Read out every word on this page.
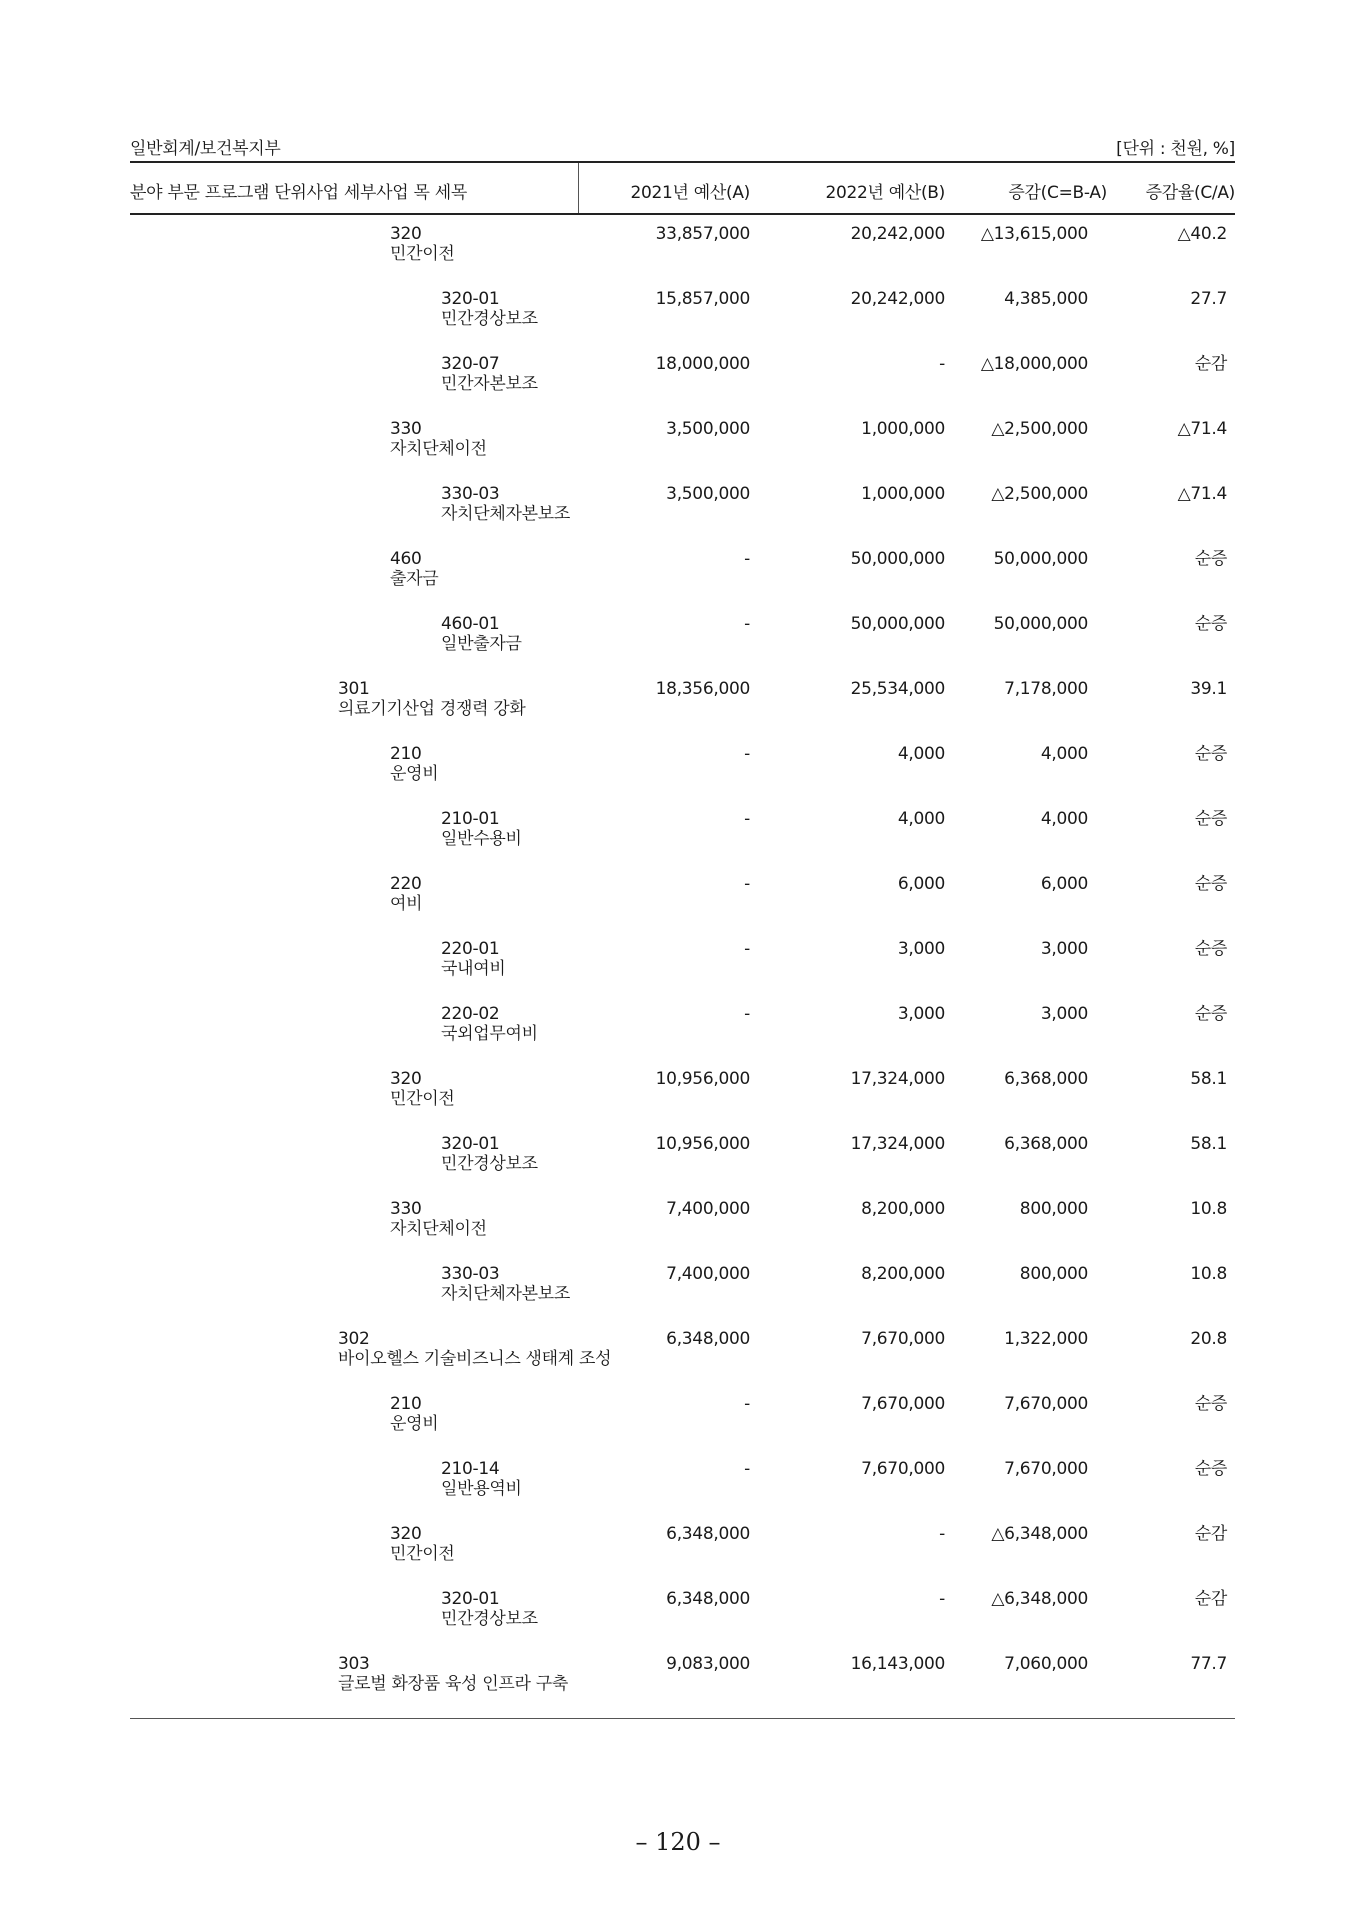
일반회계/보건복지부	[단위 : 천원, %]
분야 부문 프로그램 단위사업 세부사업 목 세목	2021년 예산(A)	2022년 예산(B)	증감(C=B-A) 증감율(C/A)
320
민간이전
33,857,000	20,242,000 △13,615,000	△40.2
320-01
민간경상보조
15,857,000	20,242,000	4,385,000	27.7
320-07
민간자본보조
18,000,000	- △18,000,000	순감
330
자치단체이전
3,500,000	1,000,000	△2,500,000	△71.4
330-03
자치단체자본보조
3,500,000	1,000,000	△2,500,000	△71.4
460
출자금
-	50,000,000	50,000,000	순증
460-01
일반출자금
-	50,000,000	50,000,000	순증
301
의료기기산업 경쟁력 강화
18,356,000	25,534,000	7,178,000	39.1
210
운영비
-	4,000	4,000	순증
210-01
일반수용비
-	4,000	4,000	순증
220
여비
-	6,000	6,000	순증
220-01
국내여비
-	3,000	3,000	순증
220-02
국외업무여비
-	3,000	3,000	순증
320
민간이전
10,956,000	17,324,000	6,368,000	58.1
320-01
민간경상보조
10,956,000	17,324,000	6,368,000	58.1
330
자치단체이전
7,400,000	8,200,000	800,000	10.8
330-03
자치단체자본보조
7,400,000	8,200,000	800,000	10.8
302
바이오헬스 기술비즈니스 생태계 조성
6,348,000	7,670,000	1,322,000	20.8
210
운영비
-	7,670,000	7,670,000	순증
210-14
일반용역비
-	7,670,000	7,670,000	순증
320
민간이전
6,348,000	-	△6,348,000	순감
320-01
민간경상보조
6,348,000	-	△6,348,000	순감
303
글로벌 화장품 육성 인프라 구축
9,083,000	16,143,000	7,060,000	77.7
– 120 –
